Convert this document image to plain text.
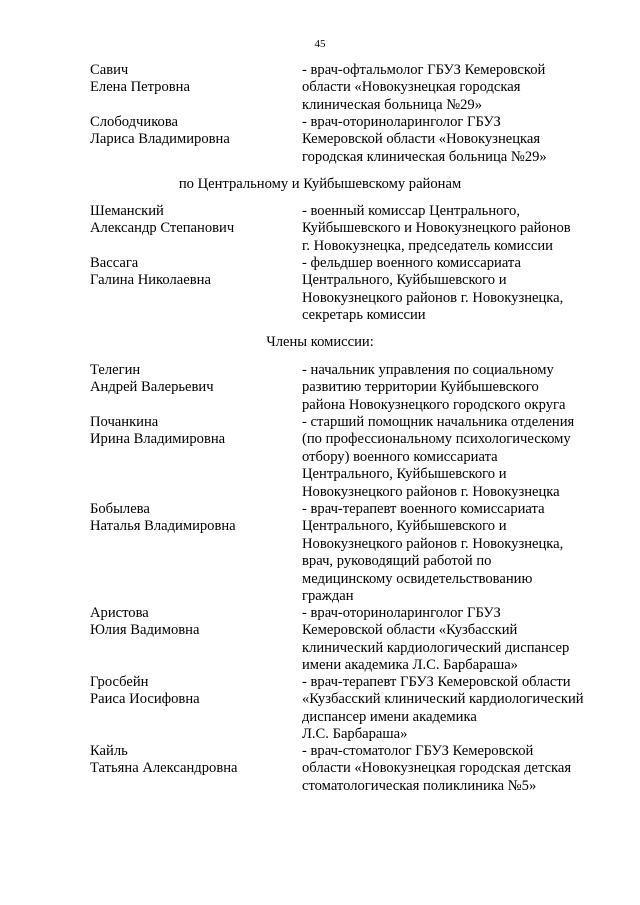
45
Савич
Елена Петровна
- врач-офтальмолог ГБУЗ Кемеровской
области «Новокузнецкая городская
клиническая больница №29»
Слободчикова
Лариса Владимировна
- врач-оториноларинголог ГБУЗ
Кемеровской области «Новокузнецкая
городская клиническая больница №29»
по Центральному и Куйбышевскому районам
Шеманский
Александр Степанович
- военный комиссар Центрального,
Куйбышевского и Новокузнецкого районов
г. Новокузнецка, председатель комиссии
Вассага
Галина Николаевна
- фельдшер военного комиссариата
Центрального, Куйбышевского и
Новокузнецкого районов г. Новокузнецка,
секретарь комиссии
Члены комиссии:
Телегин
Андрей Валерьевич
- начальник управления по социальному
развитию территории Куйбышевского
района Новокузнецкого городского округа
Почанкина
Ирина Владимировна
- старший помощник начальника отделения
(по профессиональному психологическому
отбору) военного комиссариата
Центрального, Куйбышевского и
Новокузнецкого районов г. Новокузнецка
Бобылева
Наталья Владимировна
- врач-терапевт военного комиссариата
Центрального, Куйбышевского и
Новокузнецкого районов г. Новокузнецка,
врач, руководящий работой по
медицинскому освидетельствованию
граждан
Аристова
Юлия Вадимовна
- врач-оториноларинголог ГБУЗ
Кемеровской области «Кузбасский
клинический кардиологический диспансер
имени академика Л.С. Барбараша»
Гросбейн
Раиса Иосифовна
- врач-терапевт ГБУЗ Кемеровской области
«Кузбасский клинический кардиологический
диспансер имени академика
Л.С. Барбараша»
Кайль
Татьяна Александровна
- врач-стоматолог ГБУЗ Кемеровской
области «Новокузнецкая городская детская
стоматологическая поликлиника №5»
